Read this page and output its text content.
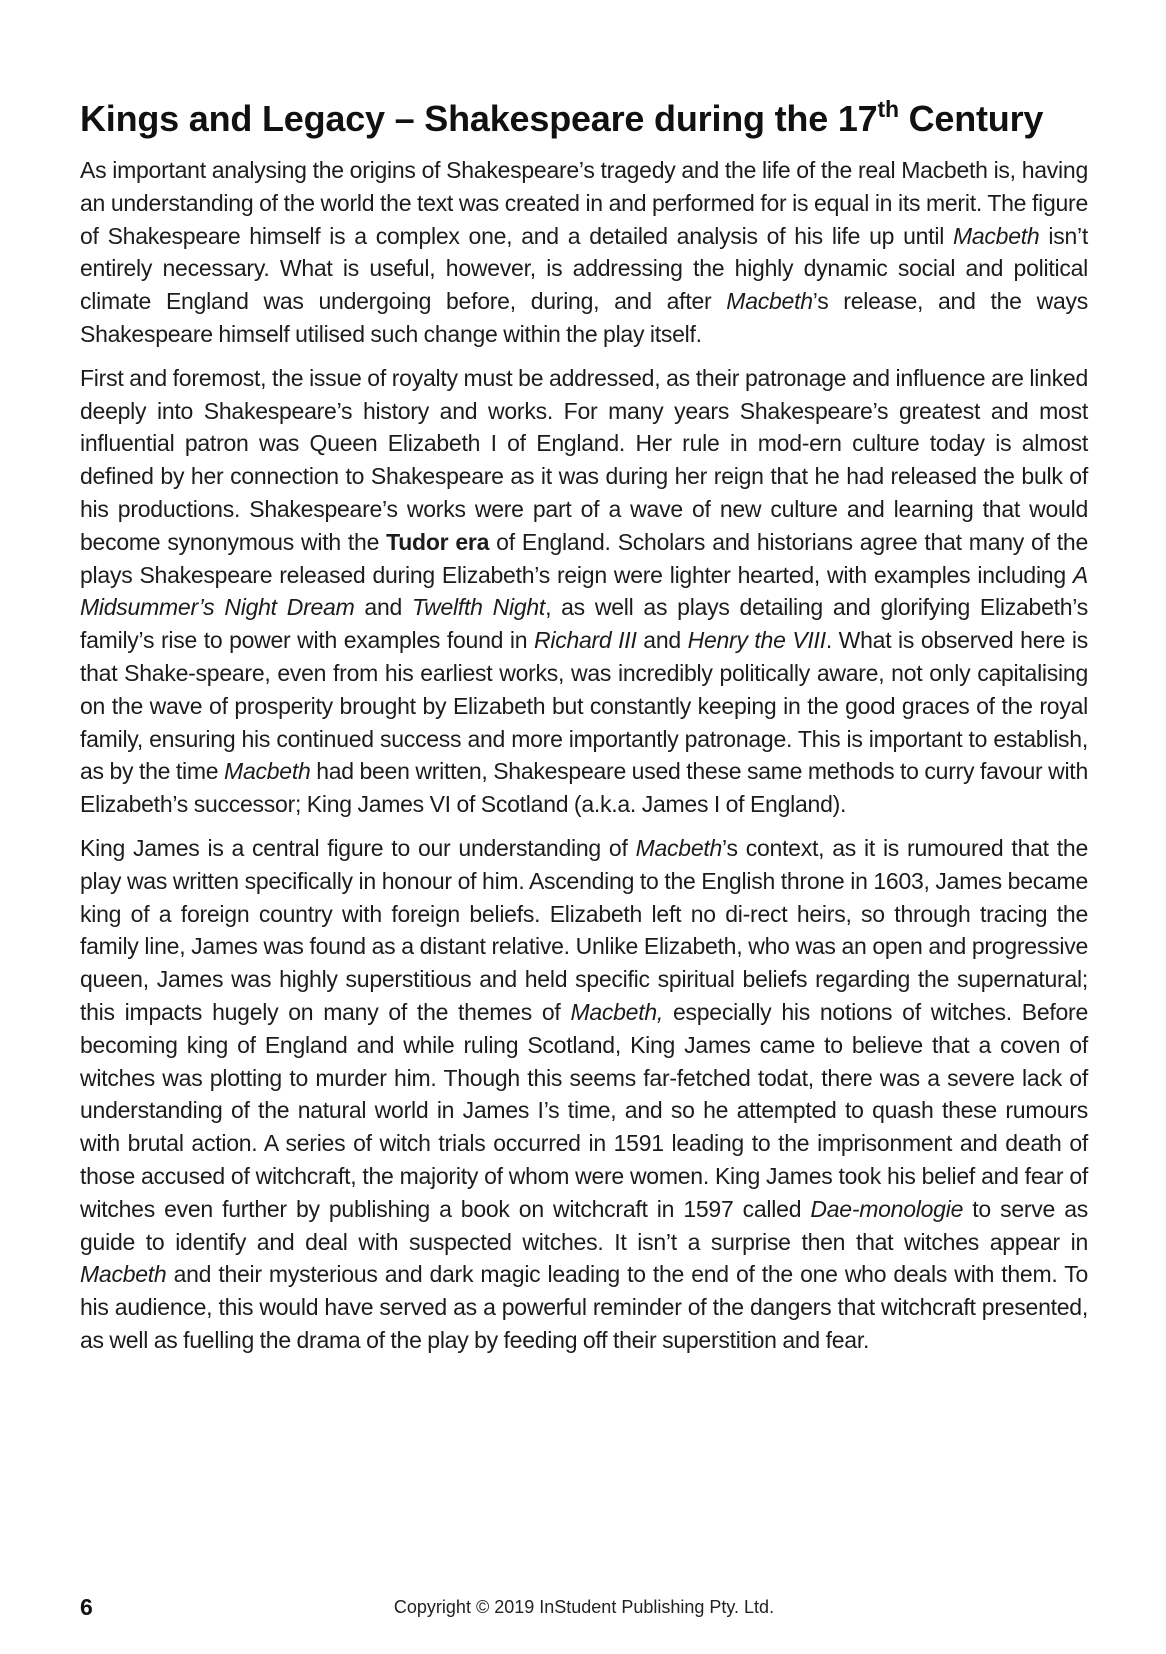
Kings and Legacy – Shakespeare during the 17th Century

As important analysing the origins of Shakespeare’s tragedy and the life of the real Macbeth is, having an understanding of the world the text was created in and performed for is equal in its merit. The figure of Shakespeare himself is a complex one, and a detailed analysis of his life up until Macbeth isn’t entirely necessary. What is useful, however, is addressing the highly dynamic social and political climate England was undergoing before, during, and after Macbeth’s release, and the ways Shakespeare himself utilised such change within the play itself.

First and foremost, the issue of royalty must be addressed, as their patronage and influence are linked deeply into Shakespeare’s history and works. For many years Shakespeare’s greatest and most influential patron was Queen Elizabeth I of England. Her rule in mod-ern culture today is almost defined by her connection to Shakespeare as it was during her reign that he had released the bulk of his productions. Shakespeare’s works were part of a wave of new culture and learning that would become synonymous with the Tudor era of England. Scholars and historians agree that many of the plays Shakespeare released during Elizabeth’s reign were lighter hearted, with examples including A Midsummer’s Night Dream and Twelfth Night, as well as plays detailing and glorifying Elizabeth’s family’s rise to power with examples found in Richard III and Henry the VIII. What is observed here is that Shake-speare, even from his earliest works, was incredibly politically aware, not only capitalising on the wave of prosperity brought by Elizabeth but constantly keeping in the good graces of the royal family, ensuring his continued success and more importantly patronage. This is important to establish, as by the time Macbeth had been written, Shakespeare used these same methods to curry favour with Elizabeth’s successor; King James VI of Scotland (a.k.a. James I of England).

King James is a central figure to our understanding of Macbeth’s context, as it is rumoured that the play was written specifically in honour of him. Ascending to the English throne in 1603, James became king of a foreign country with foreign beliefs. Elizabeth left no di-rect heirs, so through tracing the family line, James was found as a distant relative. Unlike Elizabeth, who was an open and progressive queen, James was highly superstitious and held specific spiritual beliefs regarding the supernatural; this impacts hugely on many of the themes of Macbeth, especially his notions of witches. Before becoming king of England and while ruling Scotland, King James came to believe that a coven of witches was plotting to murder him. Though this seems far-fetched todat, there was a severe lack of understanding of the natural world in James I’s time, and so he attempted to quash these rumours with brutal action. A series of witch trials occurred in 1591 leading to the imprisonment and death of those accused of witchcraft, the majority of whom were women. King James took his belief and fear of witches even further by publishing a book on witchcraft in 1597 called Dae-monologie to serve as guide to identify and deal with suspected witches. It isn’t a surprise then that witches appear in Macbeth and their mysterious and dark magic leading to the end of the one who deals with them. To his audience, this would have served as a powerful reminder of the dangers that witchcraft presented, as well as fuelling the drama of the play by feeding off their superstition and fear.

6	Copyright © 2019 InStudent Publishing Pty. Ltd.
